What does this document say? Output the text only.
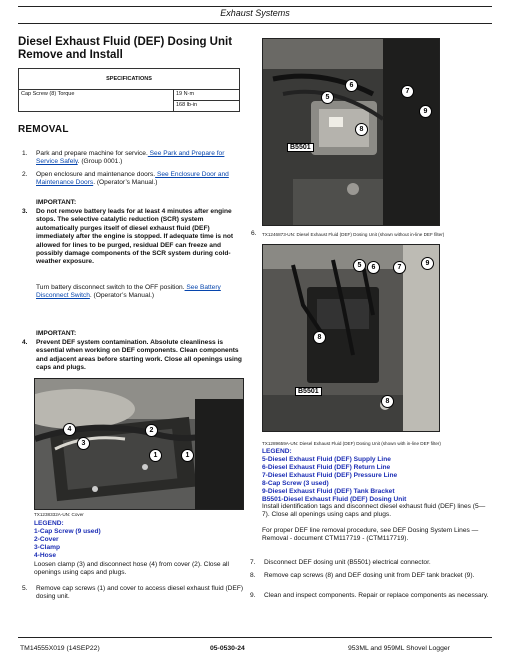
Exhaust Systems
Diesel Exhaust Fluid (DEF) Dosing Unit Remove and Install
SPECIFICATIONS
Cap Screw (8) Torque	19 N·m
168 lb-in
REMOVAL
1.	Park and prepare machine for service. See Park and Prepare for Service Safely. (Group 0001.)
2.	Open enclosure and maintenance doors. See Enclosure Door and Maintenance Doors. (Operator’s Manual.)
IMPORTANT:
3. Do not remove battery leads for at least 4 minutes after engine stops. The selective catalytic reduction (SCR) system automatically purges itself of diesel exhaust fluid (DEF) immediately after the engine is stopped. If adequate time is not allowed for lines to be purged, residual DEF can freeze and possibly damage components of the SCR system during cold-weather exposure.
Turn battery disconnect switch to the OFF position. See Battery Disconnect Switch. (Operator’s Manual.)
IMPORTANT:
4. Prevent DEF system contamination. Absolute cleanliness is essential when working on DEF components. Clean components and adjacent areas before starting work. Close all openings using caps and plugs.
4
3
2
1	1
TX1238332A-UN: Cover
LEGEND:
1-Cap Screw (9 used)
2-Cover
3-Clamp
4-Hose
Loosen clamp (3) and disconnect hose (4) from cover (2). Close all openings using caps and plugs.
5.	Remove cap screws (1) and cover to access diesel exhaust fluid (DEF) dosing unit.
5
6
7
8
9
B5501
6. TX1246873-UN: Diesel Exhaust Fluid (DEF) Dosing Unit (shown without in-line DEF filter)
5	6	7
9
8
8
B5501
TX1289659A-UN: Diesel Exhaust Fluid (DEF) Dosing Unit (shown with in-line DEF filter)
LEGEND:
5-Diesel Exhaust Fluid (DEF) Supply Line
6-Diesel Exhaust Fluid (DEF) Return Line
7-Diesel Exhaust Fluid (DEF) Pressure Line
8-Cap Screw (3 used)
9-Diesel Exhaust Fluid (DEF) Tank Bracket
B5501-Diesel Exhaust Fluid (DEF) Dosing Unit
Install identification tags and disconnect diesel exhaust fluid (DEF) lines (5—7). Close all openings using caps and plugs.
For proper DEF line removal procedure, see DEF Dosing System Lines — Removal - document CTM117719 - (CTM117719).
7.	Disconnect DEF dosing unit (B5501) electrical connector.
8.	Remove cap screws (8) and DEF dosing unit from DEF tank bracket (9).
9.	Clean and inspect components. Repair or replace components as necessary.
TM14555X019 (14SEP22)	05-0530-24	953ML and 959ML Shovel Logger
